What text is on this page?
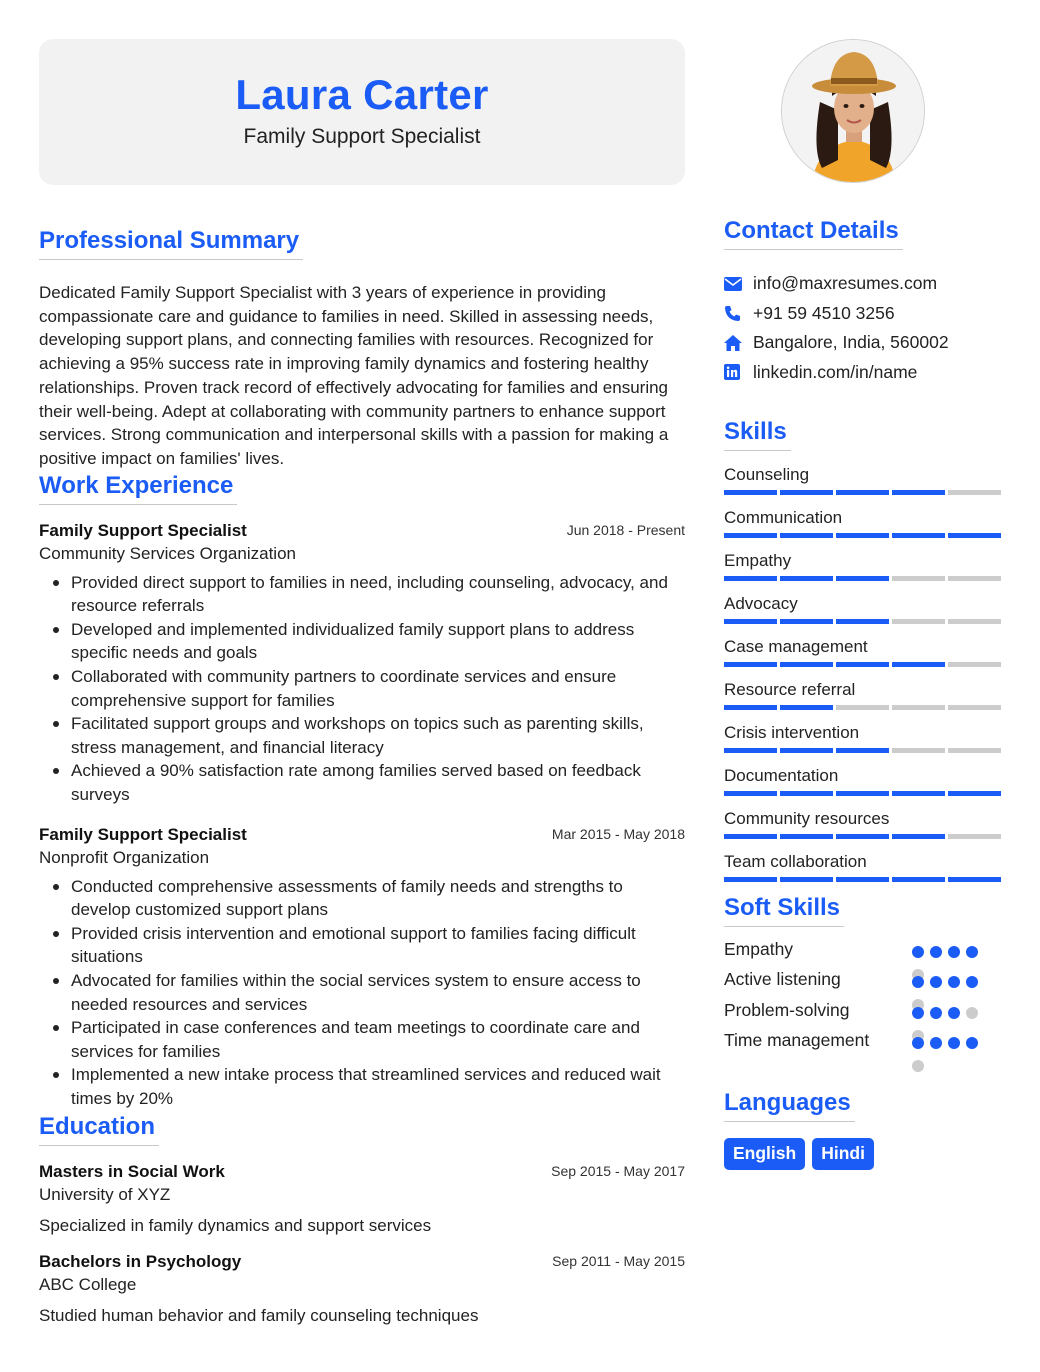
Laura Carter
Family Support Specialist
Professional Summary

Dedicated Family Support Specialist with 3 years of experience in providing compassionate care and guidance to families in need. Skilled in assessing needs, developing support plans, and connecting families with resources. Recognized for achieving a 95% success rate in improving family dynamics and fostering healthy relationships. Proven track record of effectively advocating for families and ensuring their well-being. Adept at collaborating with community partners to enhance support services. Strong communication and interpersonal skills with a passion for making a positive impact on families' lives.

Work Experience
Family Support Specialist	Jun 2018 - Present
Community Services Organization
Provided direct support to families in need, including counseling, advocacy, and resource referrals
Developed and implemented individualized family support plans to address specific needs and goals
Collaborated with community partners to coordinate services and ensure comprehensive support for families
Facilitated support groups and workshops on topics such as parenting skills, stress management, and financial literacy
Achieved a 90% satisfaction rate among families served based on feedback surveys
Family Support Specialist	Mar 2015 - May 2018
Nonprofit Organization
Conducted comprehensive assessments of family needs and strengths to develop customized support plans
Provided crisis intervention and emotional support to families facing difficult situations
Advocated for families within the social services system to ensure access to needed resources and services
Participated in case conferences and team meetings to coordinate care and services for families
Implemented a new intake process that streamlined services and reduced wait times by 20%
Education
Masters in Social Work	Sep 2015 - May 2017
University of XYZ
Specialized in family dynamics and support services
Bachelors in Psychology	Sep 2011 - May 2015
ABC College
Studied human behavior and family counseling techniques
Contact Details
info@maxresumes.com
+91 59 4510 3256
Bangalore, India, 560002
linkedin.com/in/name
Skills
Counseling
Communication
Empathy
Advocacy
Case management
Resource referral
Crisis intervention
Documentation
Community resources
Team collaboration
Soft Skills
Empathy
Active listening
Problem-solving
Time management
Languages
English	Hindi
